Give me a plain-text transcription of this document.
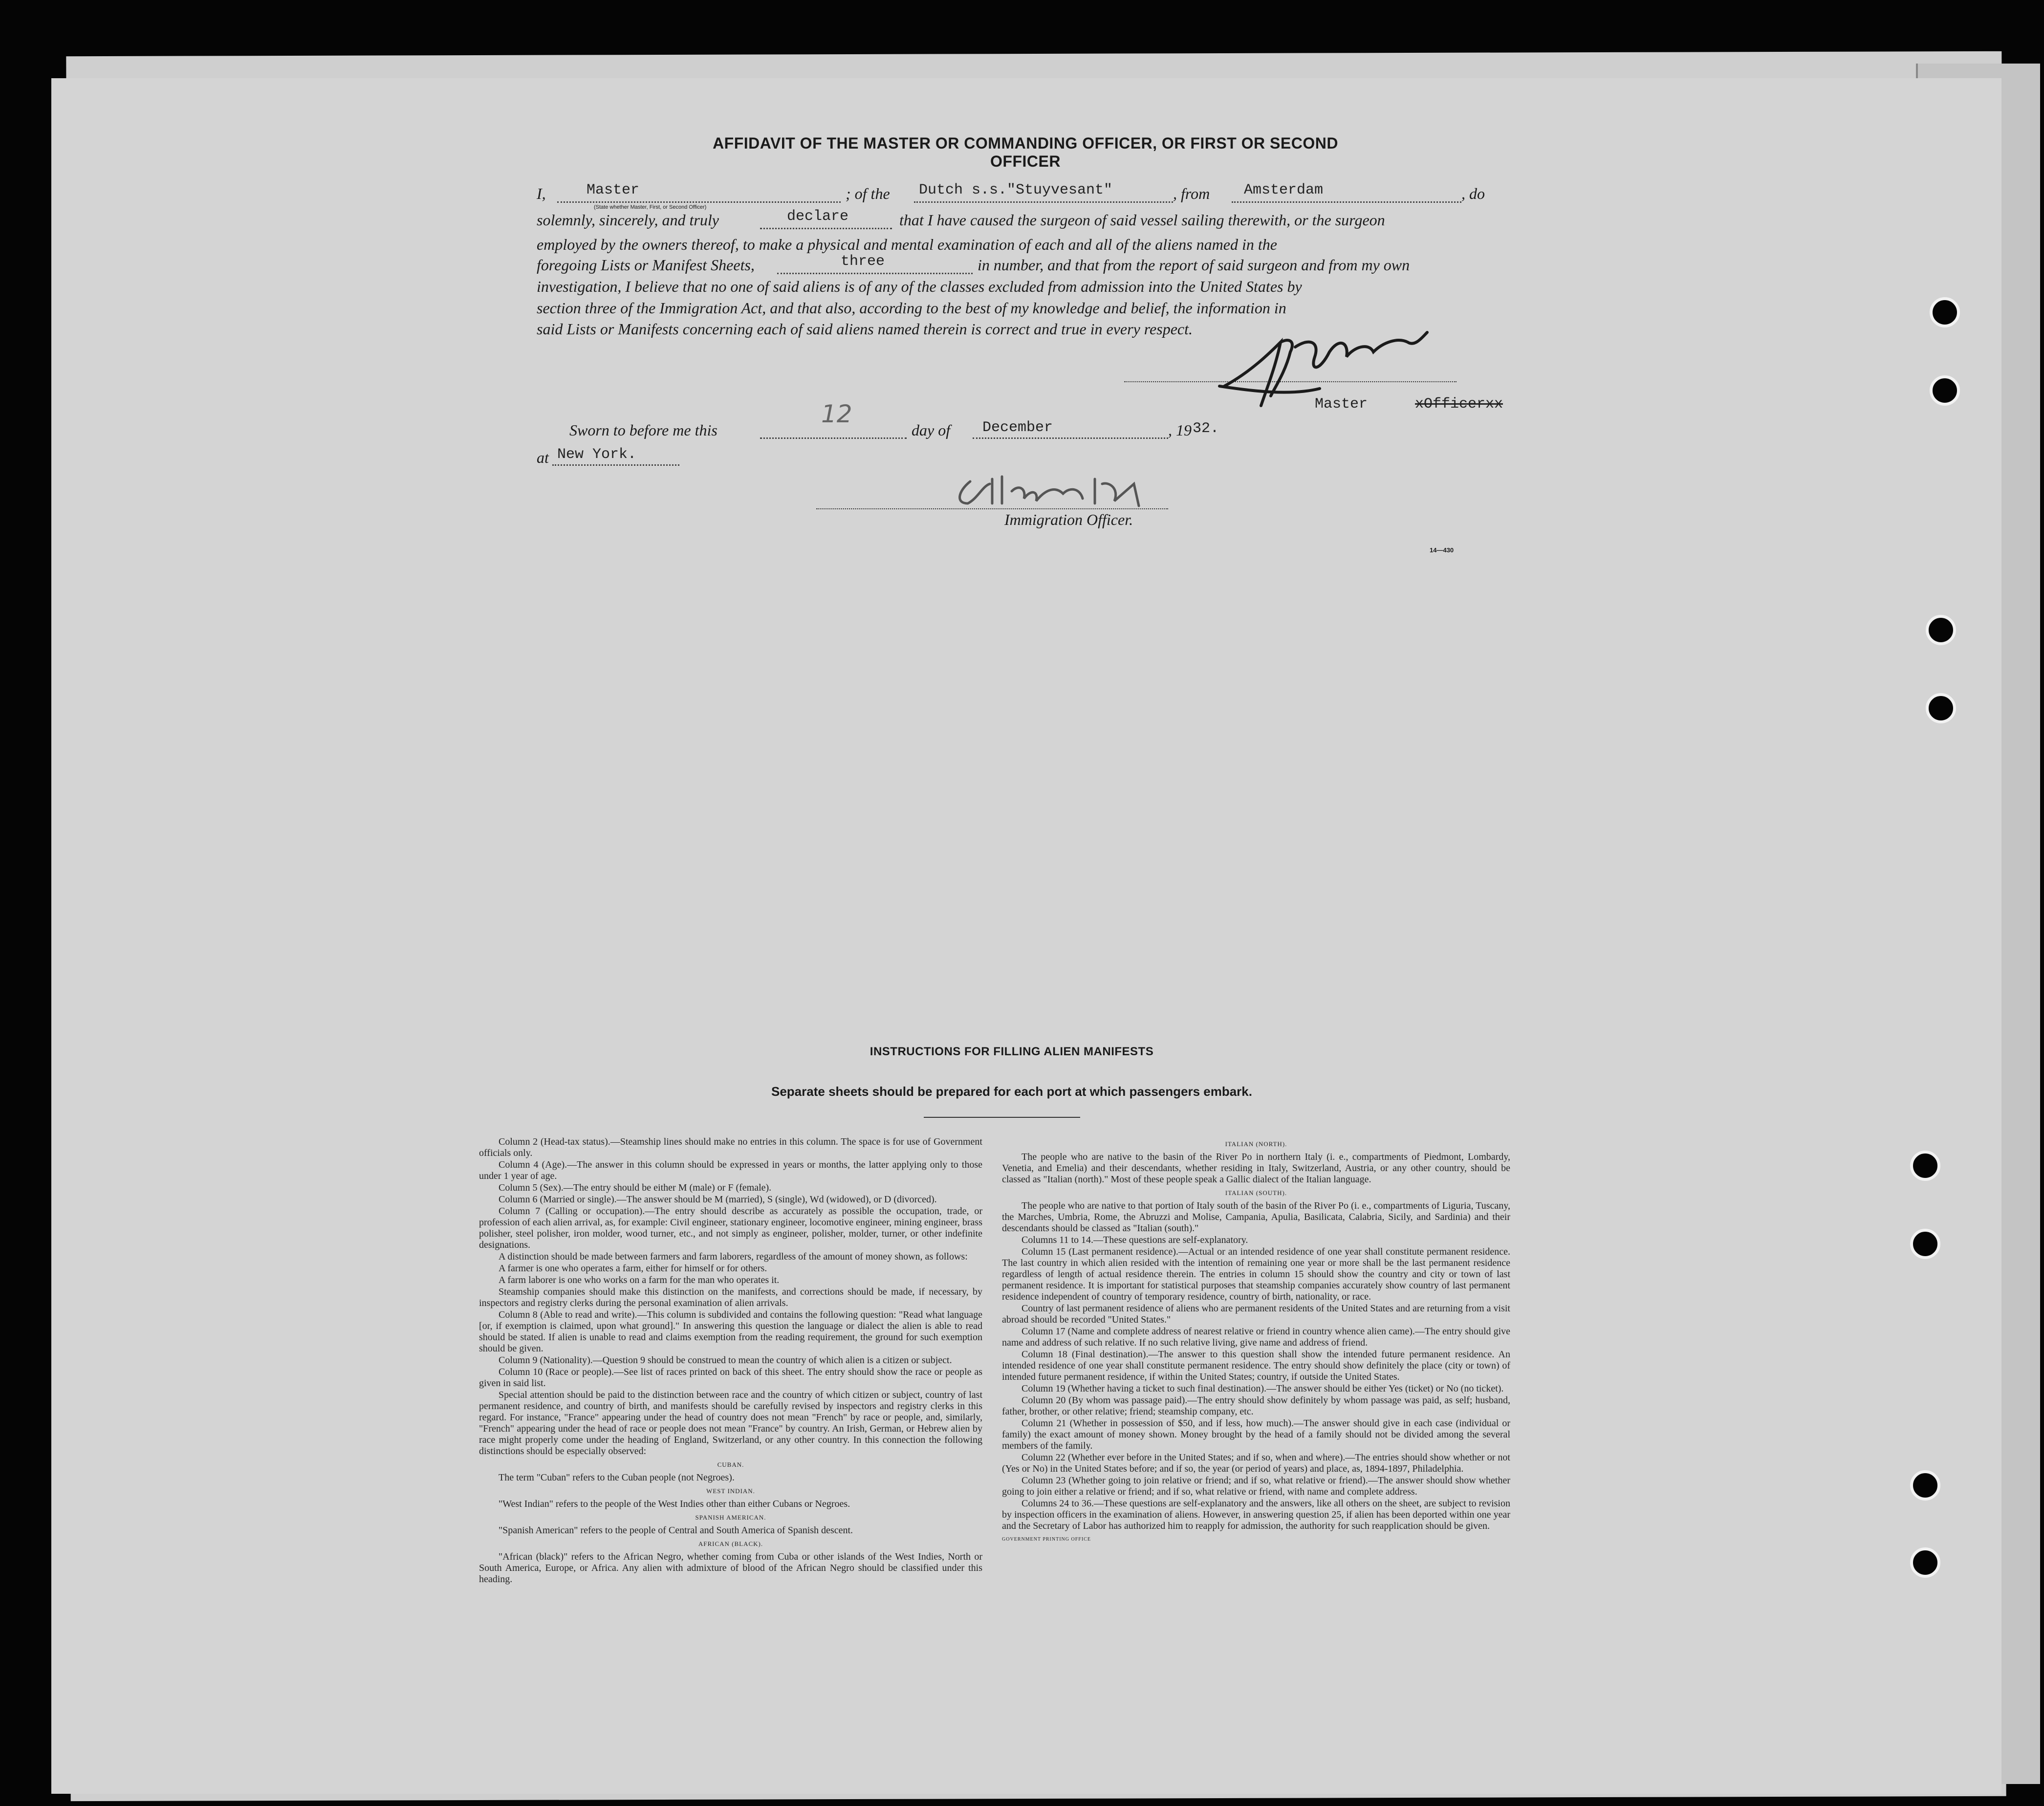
AFFIDAVIT OF THE MASTER OR COMMANDING OFFICER, OR FIRST OR SECOND OFFICER
I,	Master
(State whether Master, First, or Second Officer)
; of the Dutch s.s."Stuyvesant"	, from Amsterdam	, do
solemnly, sincerely, and truly	declare	that I have caused the surgeon of said vessel sailing therewith, or the surgeon
employed by the owners thereof, to make a physical and mental examination of each and all of the aliens named in the
foregoing Lists or Manifest Sheets,	three	in number, and that from the report of said surgeon and from my own
investigation, I believe that no one of said aliens is of any of the classes excluded from admission into the United States by
section three of the Immigration Act, and that also, according to the best of my knowledge and belief, the information in
said Lists or Manifests concerning each of said aliens named therein is correct and true in every respect.
Master	xOfficerxx
Sworn to before me this
12
day of December	, 19 32.
at New York.
Immigration Officer.
14—430
INSTRUCTIONS FOR FILLING ALIEN MANIFESTS
Separate sheets should be prepared for each port at which passengers embark.

Column 2 (Head-tax status).—Steamship lines should make no entries in this column. The space is for use of Government officials only.

Column 4 (Age).—The answer in this column should be expressed in years or months, the latter applying only to those under 1 year of age.

Column 5 (Sex).—The entry should be either M (male) or F (female).

Column 6 (Married or single).—The answer should be M (married), S (single), Wd (widowed), or D (divorced).

Column 7 (Calling or occupation).—The entry should describe as accurately as possible the occupation, trade, or profession of each alien arrival, as, for example: Civil engineer, stationary engineer, locomotive engineer, mining engineer, brass polisher, steel polisher, iron molder, wood turner, etc., and not simply as engineer, polisher, molder, turner, or other indefinite designations.

A distinction should be made between farmers and farm laborers, regardless of the amount of money shown, as follows:

A farmer is one who operates a farm, either for himself or for others.

A farm laborer is one who works on a farm for the man who operates it.

Steamship companies should make this distinction on the manifests, and corrections should be made, if necessary, by inspectors and registry clerks during the personal examination of alien arrivals.

Column 8 (Able to read and write).—This column is subdivided and contains the following question: "Read what language [or, if exemption is claimed, upon what ground]." In answering this question the language or dialect the alien is able to read should be stated. If alien is unable to read and claims exemption from the reading requirement, the ground for such exemption should be given.

Column 9 (Nationality).—Question 9 should be construed to mean the country of which alien is a citizen or subject.

Column 10 (Race or people).—See list of races printed on back of this sheet. The entry should show the race or people as given in said list.

Special attention should be paid to the distinction between race and the country of which citizen or subject, country of last permanent residence, and country of birth, and manifests should be carefully revised by inspectors and registry clerks in this regard. For instance, "France" appearing under the head of country does not mean "French" by race or people, and, similarly, "French" appearing under the head of race or people does not mean "France" by country. An Irish, German, or Hebrew alien by race might properly come under the heading of England, Switzerland, or any other country. In this connection the following distinctions should be especially observed:

CUBAN.

The term "Cuban" refers to the Cuban people (not Negroes).

WEST INDIAN.

"West Indian" refers to the people of the West Indies other than either Cubans or Negroes.

SPANISH AMERICAN.

"Spanish American" refers to the people of Central and South America of Spanish descent.

AFRICAN (BLACK).

"African (black)" refers to the African Negro, whether coming from Cuba or other islands of the West Indies, North or South America, Europe, or Africa. Any alien with admixture of blood of the African Negro should be classified under this heading.

ITALIAN (NORTH).

The people who are native to the basin of the River Po in northern Italy (i. e., compartments of Piedmont, Lombardy, Venetia, and Emelia) and their descendants, whether residing in Italy, Switzerland, Austria, or any other country, should be classed as "Italian (north)." Most of these people speak a Gallic dialect of the Italian language.

ITALIAN (SOUTH).

The people who are native to that portion of Italy south of the basin of the River Po (i. e., compartments of Liguria, Tuscany, the Marches, Umbria, Rome, the Abruzzi and Molise, Campania, Apulia, Basilicata, Calabria, Sicily, and Sardinia) and their descendants should be classed as "Italian (south)."

Columns 11 to 14.—These questions are self-explanatory.

Column 15 (Last permanent residence).—Actual or an intended residence of one year shall constitute permanent residence. The last country in which alien resided with the intention of remaining one year or more shall be the last permanent residence regardless of length of actual residence therein. The entries in column 15 should show the country and city or town of last permanent residence. It is important for statistical purposes that steamship companies accurately show country of last permanent residence independent of country of temporary residence, country of birth, nationality, or race.

Country of last permanent residence of aliens who are permanent residents of the United States and are returning from a visit abroad should be recorded "United States."

Column 17 (Name and complete address of nearest relative or friend in country whence alien came).—The entry should give name and address of such relative. If no such relative living, give name and address of friend.

Column 18 (Final destination).—The answer to this question shall show the intended future permanent residence. An intended residence of one year shall constitute permanent residence. The entry should show definitely the place (city or town) of intended future permanent residence, if within the United States; country, if outside the United States.

Column 19 (Whether having a ticket to such final destination).—The answer should be either Yes (ticket) or No (no ticket).

Column 20 (By whom was passage paid).—The entry should show definitely by whom passage was paid, as self; husband, father, brother, or other relative; friend; steamship company, etc.

Column 21 (Whether in possession of $50, and if less, how much).—The answer should give in each case (individual or family) the exact amount of money shown. Money brought by the head of a family should not be divided among the several members of the family.

Column 22 (Whether ever before in the United States; and if so, when and where).—The entries should show whether or not (Yes or No) in the United States before; and if so, the year (or period of years) and place, as, 1894-1897, Philadelphia.

Column 23 (Whether going to join relative or friend; and if so, what relative or friend).—The answer should show whether going to join either a relative or friend; and if so, what relative or friend, with name and complete address.

Columns 24 to 36.—These questions are self-explanatory and the answers, like all others on the sheet, are subject to revision by inspection officers in the examination of aliens. However, in answering question 25, if alien has been deported within one year and the Secretary of Labor has authorized him to reapply for admission, the authority for such reapplication should be given.

GOVERNMENT PRINTING OFFICE
